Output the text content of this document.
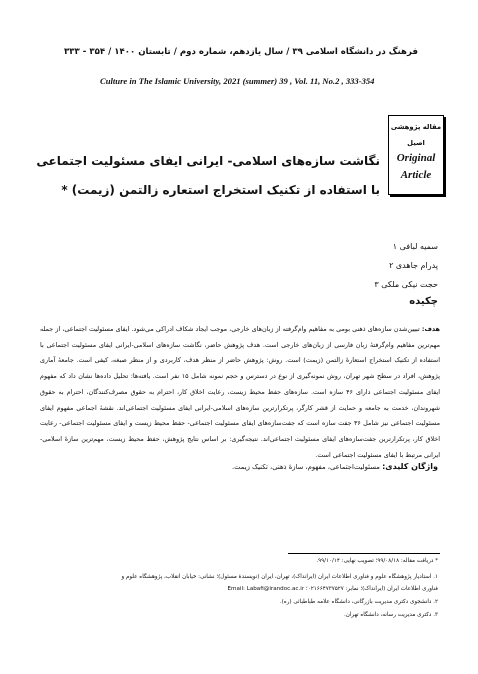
فرهنگ در دانشگاه اسلامی ۳۹ / سال یازدهم، شماره دوم / تابستان ۱۴۰۰ / ۳۵۴ - ۳۳۳
Culture in The Islamic University, 2021 (summer) 39 , Vol. 11, No.2 , 333-354
مقاله پژوهشی
اصیل
Original
Article
نگاشت سازه‌های اسلامی- ایرانی ایفای مسئولیت اجتماعی
با استفاده از تکنیک استخراج استعاره زالتمن (زیمت) *
سمیه لبافی ۱
پدرام جاهدی ۲
حجت نیکی ملکی ۳
چکیده
هدف: تبیین‌شدن سازه‌های ذهنی بومی به مفاهیم وام‌گرفته از زبان‌های خارجی، موجب ایجاد شکاف ادراکی می‌شود. ایفای مسئولیت اجتماعی، از جمله مهم‌ترین مفاهیم وام‌گرفتهٔ زبان فارسی از زبان‌های خارجی است. هدف پژوهش حاضر، نگاشت سازه‌های اسلامی-ایرانی ایفای مسئولیت اجتماعی با استفاده از تکنیک استخراج استعارهٔ زالتمن (زیمت) است. روش: پژوهش حاضر از منظر هدف، کاربردی و از منظر صبغه، کیفی است. جامعهٔ آماری پژوهش، افراد در سطح شهر تهران، روش نمونه‌گیری از نوع در دسترس و حجم نمونه شامل ۱۵ نفر است. یافته‌ها: تحلیل داده‌ها نشان داد که مفهوم ایفای مسئولیت اجتماعی دارای ۴۶ سازه است. سازه‌های حفظ محیط زیست، رعایت اخلاق کار، احترام به حقوق مصرف‌کنندگان، احترام به حقوق شهروندان، خدمت به جامعه و حمایت از قشر کارگر، پرتکرارترین سازه‌های اسلامی-ایرانی ایفای مسئولیت اجتماعی‌اند. نقشهٔ اجماعی مفهوم ایفای مسئولیت اجتماعی نیز شامل ۳۶ جفت سازه است که جفت‌سازه‌های ایفای مسئولیت اجتماعی- حفظ محیط زیست و ایفای مسئولیت اجتماعی- رعایت اخلاق کار، پرتکرارترین جفت‌سازه‌های ایفای مسئولیت اجتماعی‌اند. نتیجه‌گیری: بر اساس نتایج پژوهش، حفظ محیط زیست، مهم‌ترین سازهٔ اسلامی- ایرانی مرتبط با ایفای مسئولیت اجتماعی است.
واژگان کلیدی: مسئولیت‌اجتماعی، مفهوم، سازهٔ ذهنی، تکنیک زیمت.
* دریافت مقاله: ۹۹/۰۸/۱۸؛ تصویب نهایی: ۹۹/۱۰/۱۴.
۱. استادیار پژوهشگاه علوم و فناوری اطلاعات ایران (ایرانداک)، تهران، ایران (نویسندهٔ مسئول)؛ نشانی: خیابان انقلاب، پژوهشگاه علوم و
فناوری اطلاعات ایران (ایرانداک)؛ نمابر: ۰۲۱۶۶۴۷۳۷۵۲۷؛ Email: Labafi@irandoc.ac.ir
۲. دانشجوی دکتری مدیریت بازرگانی، دانشگاه علامه طباطبائی (ره).
۳. دکتری مدیریت رسانه، دانشگاه تهران.
